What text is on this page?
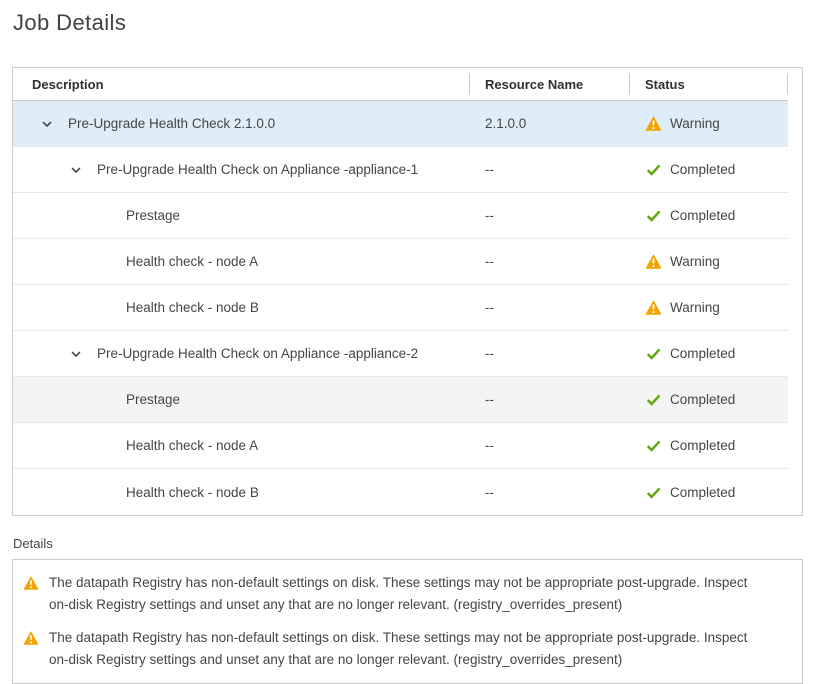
Job Details
Description	Resource Name	Status
Pre-Upgrade Health Check 2.1.0.0	2.1.0.0	Warning
Pre-Upgrade Health Check on Appliance -appliance-1	--	Completed
Prestage	--	Completed
Health check - node A	--	Warning
Health check - node B	--	Warning
Pre-Upgrade Health Check on Appliance -appliance-2	--	Completed
Prestage	--	Completed
Health check - node A	--	Completed
Health check - node B	--	Completed
Details
The datapath Registry has non-default settings on disk. These settings may not be appropriate post-upgrade. Inspect  on-disk Registry settings and unset any that are no longer relevant. (registry_overrides_present)
The datapath Registry has non-default settings on disk. These settings may not be appropriate post-upgrade. Inspect  on-disk Registry settings and unset any that are no longer relevant. (registry_overrides_present)
